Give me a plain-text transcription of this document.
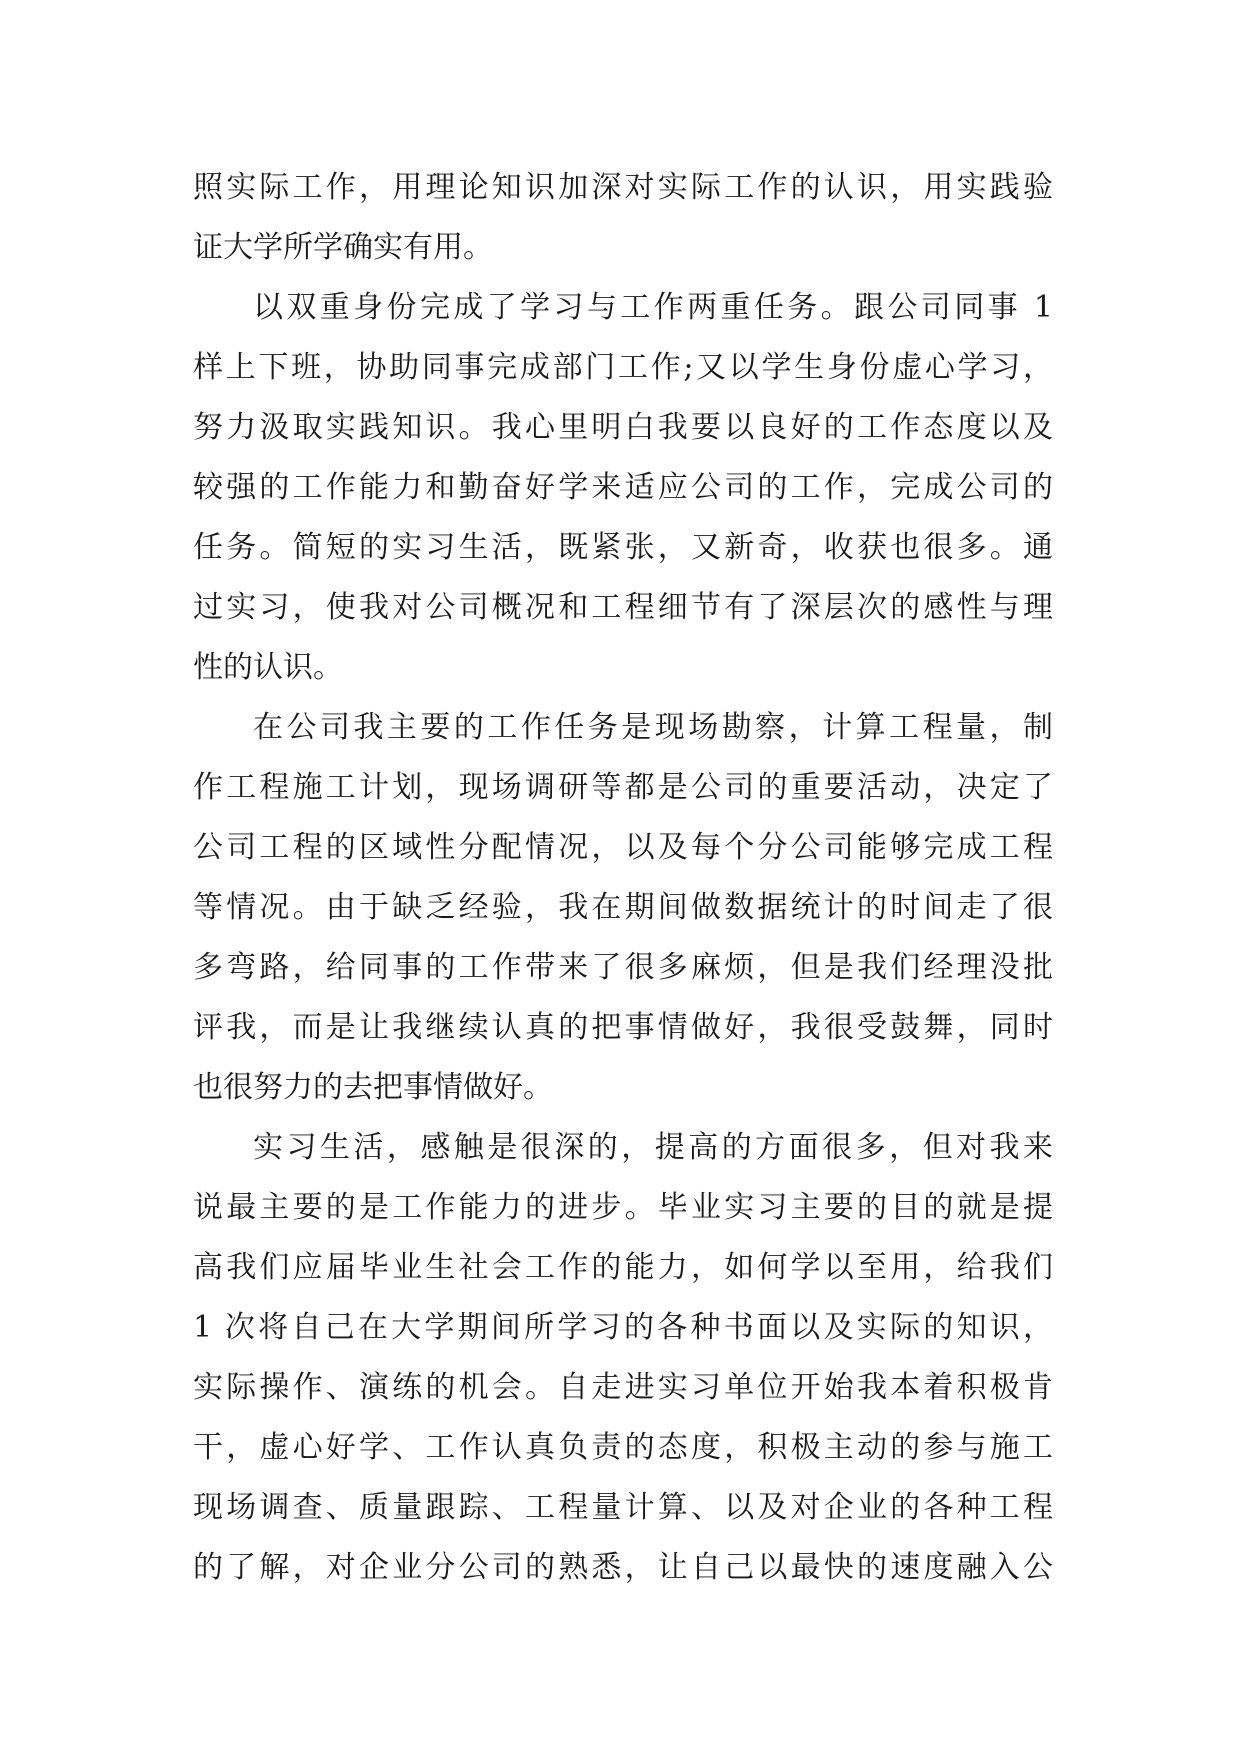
照实际工作，用理论知识加深对实际工作的认识，用实践验
证大学所学确实有用。
以双重身份完成了学习与工作两重任务。跟公司同事 1
样上下班，协助同事完成部门工作;又以学生身份虚心学习，
努力汲取实践知识。我心里明白我要以良好的工作态度以及
较强的工作能力和勤奋好学来适应公司的工作，完成公司的
任务。简短的实习生活，既紧张，又新奇，收获也很多。通
过实习，使我对公司概况和工程细节有了深层次的感性与理
性的认识。
在公司我主要的工作任务是现场勘察，计算工程量，制
作工程施工计划，现场调研等都是公司的重要活动，决定了
公司工程的区域性分配情况，以及每个分公司能够完成工程
等情况。由于缺乏经验，我在期间做数据统计的时间走了很
多弯路，给同事的工作带来了很多麻烦，但是我们经理没批
评我，而是让我继续认真的把事情做好，我很受鼓舞，同时
也很努力的去把事情做好。
实习生活，感触是很深的，提高的方面很多，但对我来
说最主要的是工作能力的进步。毕业实习主要的目的就是提
高我们应届毕业生社会工作的能力，如何学以至用，给我们
1 次将自己在大学期间所学习的各种书面以及实际的知识，
实际操作、演练的机会。自走进实习单位开始我本着积极肯
干，虚心好学、工作认真负责的态度，积极主动的参与施工
现场调查、质量跟踪、工程量计算、以及对企业的各种工程
的了解，对企业分公司的熟悉，让自己以最快的速度融入公
